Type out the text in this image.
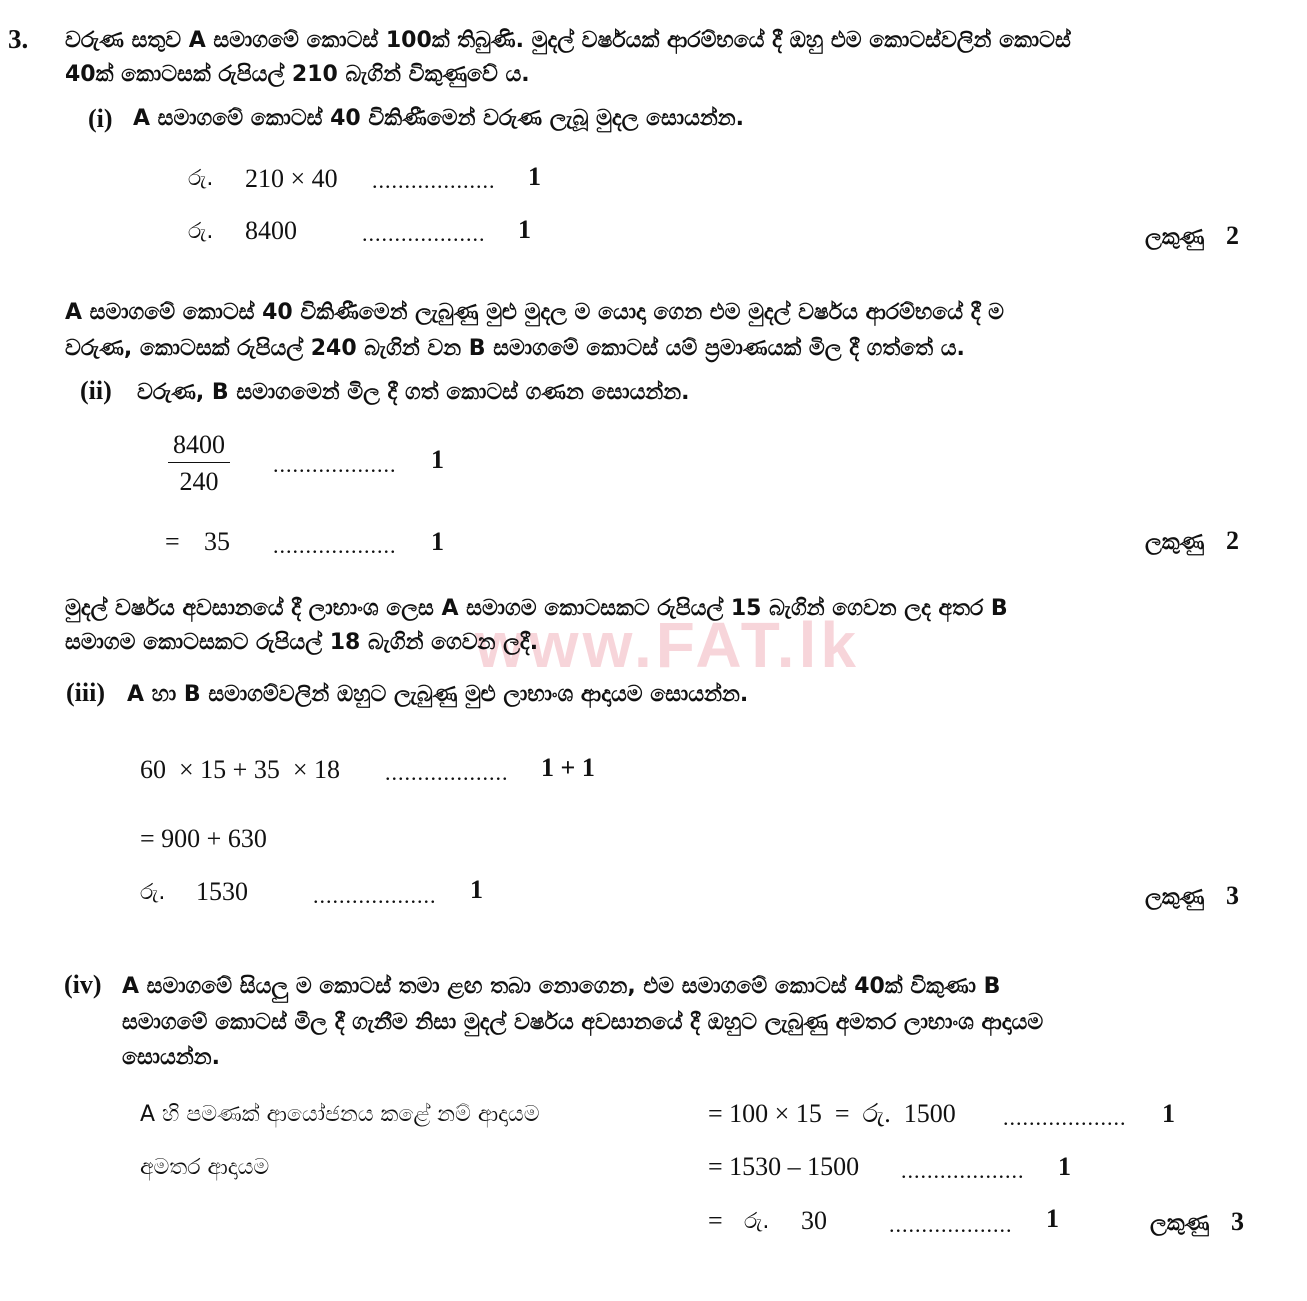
www.FAT.lk
3. වරුණ සතුව A සමාගමේ කොටස් 100ක් තිබුණි. මුදල් වර්ෂයක් ආරම්භයේ දී ඔහු එම කොටස්වලින් කොටස්
40ක් කොටසක් රුපියල් 210 බැගින් විකුණුවේ ය.
(i) A සමාගමේ කොටස් 40 විකිණීමෙන් වරුණ ලැබූ මුදල සොයන්න.
රු. 210 × 40 ................... 1
රු. 8400	................... 1	ලකුණු 2
A සමාගමේ කොටස් 40 විකිණීමෙන් ලැබුණු මුළු මුදල ම යොදා ගෙන එම මුදල් වර්ෂය ආරම්භයේ දී ම
වරුණ, කොටසක් රුපියල් 240 බැගින් වන B සමාගමේ කොටස් යම් ප්‍රමාණයක් මිල දී ගත්තේ ය.
(ii) වරුණ, B සමාගමෙන් මිල දී ගත් කොටස් ගණන සොයන්න.
$\frac{8400}{240}$ ................... 1
= 35 ................... 1	ලකුණු 2
මුදල් වර්ෂය අවසානයේ දී ලාභාංශ ලෙස A සමාගම කොටසකට රුපියල් 15 බැගින් ගෙවන ලද අතර B
සමාගම කොටසකට රුපියල් 18 බැගින් ගෙවන ලදී.
(iii) A හා B සමාගම්වලින් ඔහුට ලැබුණු මුළු ලාභාංශ ආදායම සොයන්න.
60  × 15 + 35  × 18 ................... 1 + 1
= 900 + 630
රු. 1530	................... 1	ලකුණු 3
(iv) A සමාගමේ සියලු ම කොටස් තමා ළඟ තබා නොගෙන, එම සමාගමේ කොටස් 40ක් විකුණා B
සමාගමේ කොටස් මිල දී ගැනීම නිසා මුදල් වර්ෂය අවසානයේ දී ඔහුට ලැබුණු අමතර ලාභාංශ ආදායම
සොයන්න.
A හි පමණක් ආයෝජනය කළේ නම් ආදායම	= 100 × 15  =  රු.  1500 ................... 1
අමතර ආදායම	= 1530 – 1500 ................... 1
= රු. 30	................... 1	ලකුණු 3
